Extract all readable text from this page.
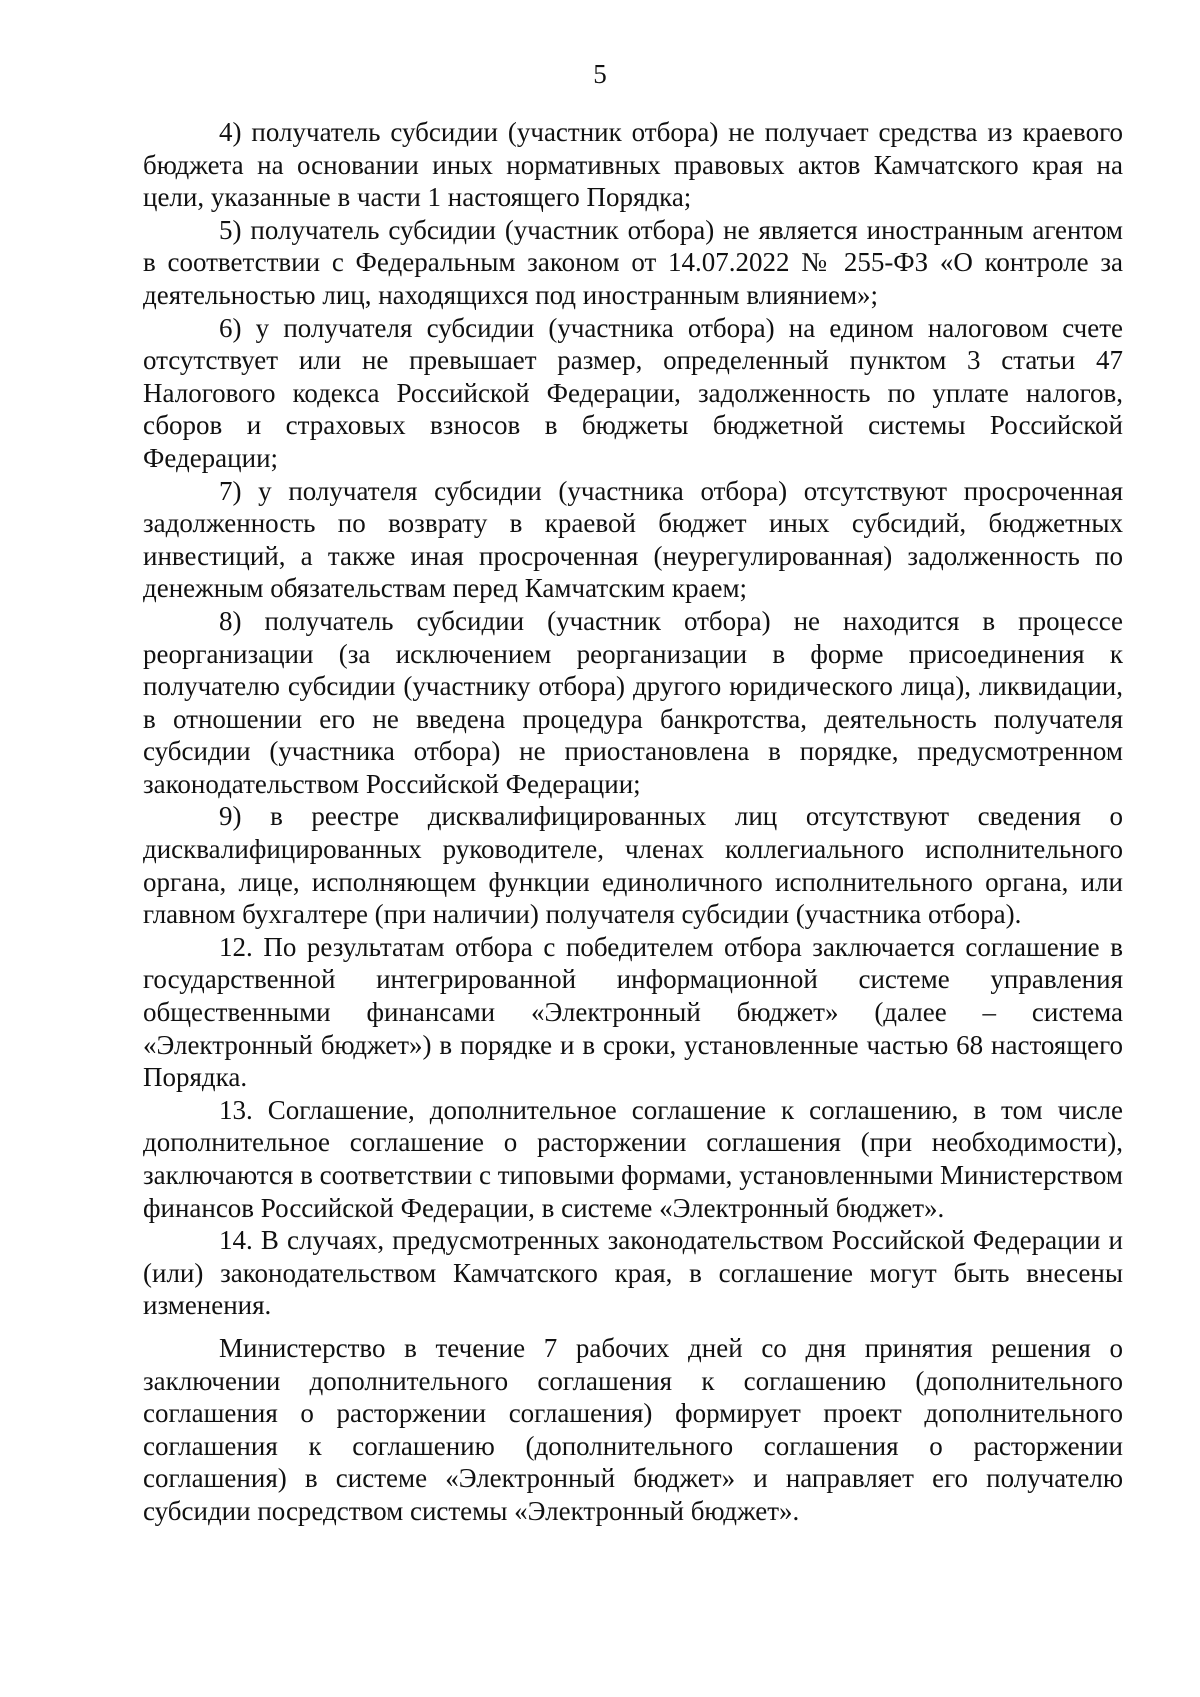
5

4) получатель субсидии (участник отбора) не получает средства из краевого бюджета на основании иных нормативных правовых актов Камчатского края на цели, указанные в части 1 настоящего Порядка;

5) получатель субсидии (участник отбора) не является иностранным агентом в соответствии с Федеральным законом от 14.07.2022 № 255-ФЗ «О контроле за деятельностью лиц, находящихся под иностранным влиянием»;

6) у получателя субсидии (участника отбора) на едином налоговом счете отсутствует или не превышает размер, определенный пунктом 3 статьи 47 Налогового кодекса Российской Федерации, задолженность по уплате налогов, сборов и страховых взносов в бюджеты бюджетной системы Российской Федерации;

7) у получателя субсидии (участника отбора) отсутствуют просроченная задолженность по возврату в краевой бюджет иных субсидий, бюджетных инвестиций, а также иная просроченная (неурегулированная) задолженность по денежным обязательствам перед Камчатским краем;

8) получатель субсидии (участник отбора) не находится в процессе реорганизации (за исключением реорганизации в форме присоединения к получателю субсидии (участнику отбора) другого юридического лица), ликвидации, в отношении его не введена процедура банкротства, деятельность получателя субсидии (участника отбора) не приостановлена в порядке, предусмотренном законодательством Российской Федерации;

9) в реестре дисквалифицированных лиц отсутствуют сведения о дисквалифицированных руководителе, членах коллегиального исполнительного органа, лице, исполняющем функции единоличного исполнительного органа, или главном бухгалтере (при наличии) получателя субсидии (участника отбора).

12. По результатам отбора с победителем отбора заключается соглашение в государственной интегрированной информационной системе управления общественными финансами «Электронный бюджет» (далее – система «Электронный бюджет») в порядке и в сроки, установленные частью 68 настоящего Порядка.

13. Соглашение, дополнительное соглашение к соглашению, в том числе дополнительное соглашение о расторжении соглашения (при необходимости), заключаются в соответствии с типовыми формами, установленными Министерством финансов Российской Федерации, в системе «Электронный бюджет».

14. В случаях, предусмотренных законодательством Российской Федерации и (или) законодательством Камчатского края, в соглашение могут быть внесены изменения.

Министерство в течение 7 рабочих дней со дня принятия решения о заключении дополнительного соглашения к соглашению (дополнительного соглашения о расторжении соглашения) формирует проект дополнительного соглашения к соглашению (дополнительного соглашения о расторжении соглашения) в системе «Электронный бюджет» и направляет его получателю субсидии посредством системы «Электронный бюджет».
